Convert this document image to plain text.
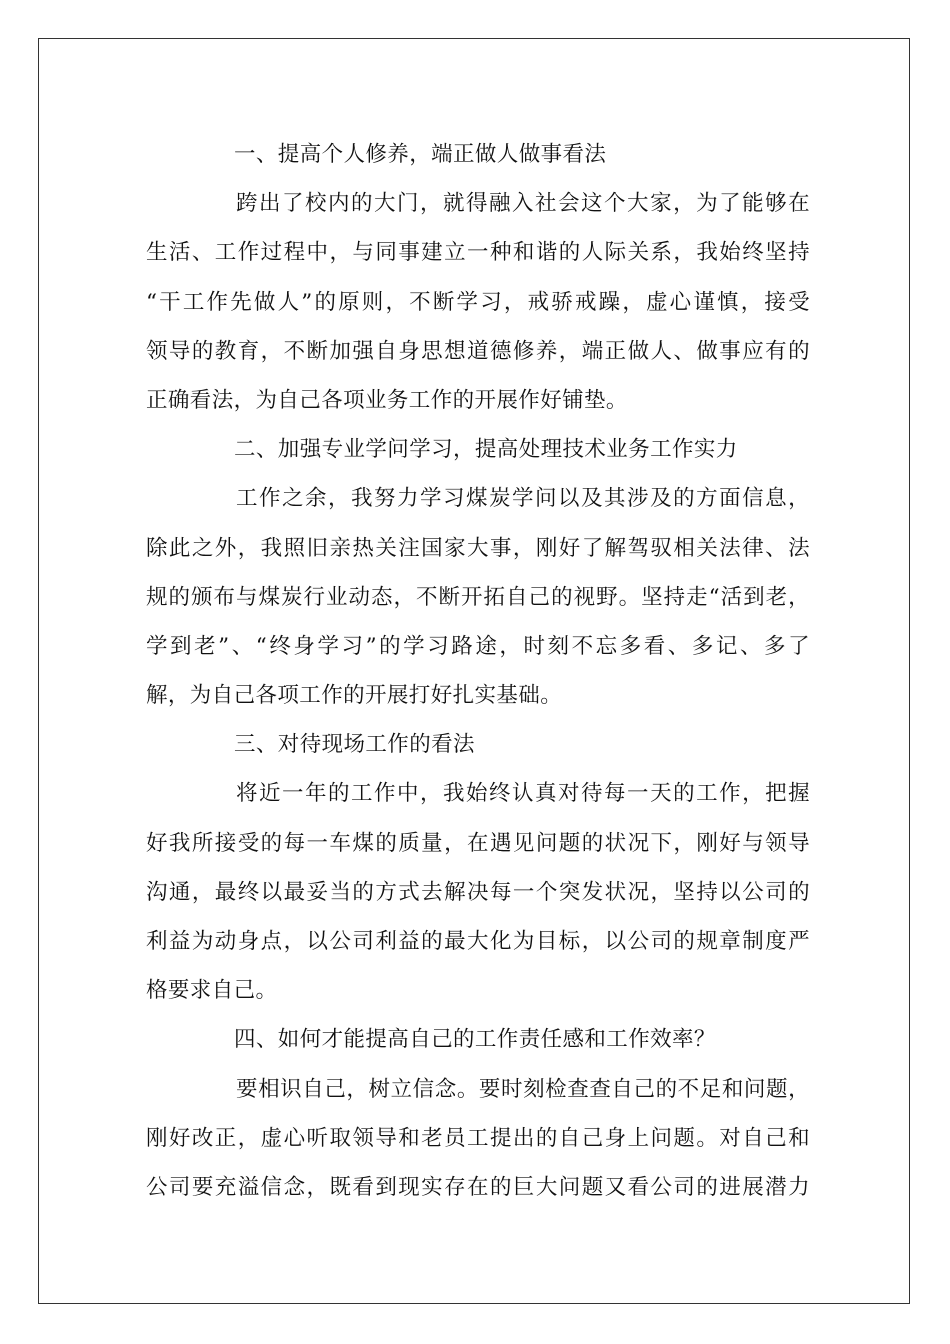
一、提高个人修养，端正做人做事看法
跨出了校内的大门，就得融入社会这个大家，为了能够在
生活、工作过程中，与同事建立一种和谐的人际关系，我始终坚持
“干工作先做人”的原则，不断学习，戒骄戒躁，虚心谨慎，接受
领导的教育，不断加强自身思想道德修养，端正做人、做事应有的
正确看法，为自己各项业务工作的开展作好铺垫。
二、加强专业学问学习，提高处理技术业务工作实力
工作之余，我努力学习煤炭学问以及其涉及的方面信息，
除此之外，我照旧亲热关注国家大事，刚好了解驾驭相关法律、法
规的颁布与煤炭行业动态，不断开拓自己的视野。坚持走“活到老，
学到老”、“终身学习”的学习路途，时刻不忘多看、多记、多了
解，为自己各项工作的开展打好扎实基础。
三、对待现场工作的看法
将近一年的工作中，我始终认真对待每一天的工作，把握
好我所接受的每一车煤的质量，在遇见问题的状况下，刚好与领导
沟通，最终以最妥当的方式去解决每一个突发状况，坚持以公司的
利益为动身点，以公司利益的最大化为目标，以公司的规章制度严
格要求自己。
四、如何才能提高自己的工作责任感和工作效率？
要相识自己，树立信念。要时刻检查查自己的不足和问题，
刚好改正，虚心听取领导和老员工提出的自己身上问题。对自己和
公司要充溢信念，既看到现实存在的巨大问题又看公司的进展潜力
